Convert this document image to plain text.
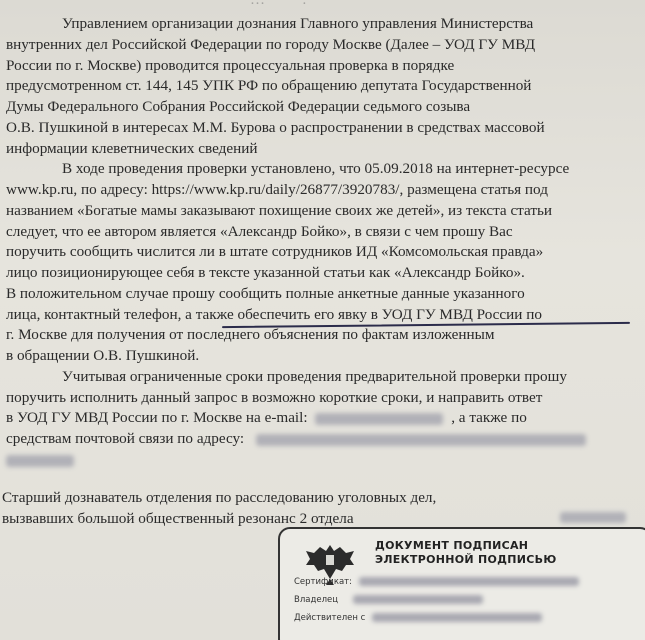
…          .
Управлением организации дознания Главного управления Министерства
внутренних дел Российской Федерации по городу Москве (Далее – УОД ГУ МВД
России по г. Москве) проводится процессуальная проверка в порядке
предусмотренном ст. 144, 145 УПК РФ по обращению депутата Государственной
Думы Федерального Собрания Российской Федерации седьмого созыва
О.В. Пушкиной в интересах М.М. Бурова о распространении в средствах массовой
информации клеветнических сведений
В ходе проведения проверки установлено, что 05.09.2018 на интернет-ресурсе
www.kp.ru, по адресу: https://www.kp.ru/daily/26877/3920783/, размещена статья под
названием «Богатые мамы заказывают похищение своих же детей», из текста статьи
следует, что ее автором является «Александр Бойко», в связи с чем прошу Вас
поручить сообщить числится ли в штате сотрудников ИД «Комсомольская правда»
лицо позиционирующее себя в тексте указанной статьи как «Александр Бойко».
В положительном случае прошу сообщить полные анкетные данные указанного
лица, контактный телефон, а также обеспечить его явку в УОД ГУ МВД России по
г. Москве для получения от последнего объяснения по фактам изложенным
в обращении О.В. Пушкиной.
Учитывая ограниченные сроки проведения предварительной проверки прошу
поручить исполнить данный запрос в возможно короткие сроки, и направить ответ
в УОД ГУ МВД России по г. Москве на e-mail:	, а также по
средствам почтовой связи по адресу:
Старший дознаватель отделения по расследованию уголовных дел,
вызвавших большой общественный резонанс 2 отдела
ДОКУМЕНТ ПОДПИСАН
ЭЛЕКТРОННОЙ ПОДПИСЬЮ
Сертификат:
Владелец
Действителен с
